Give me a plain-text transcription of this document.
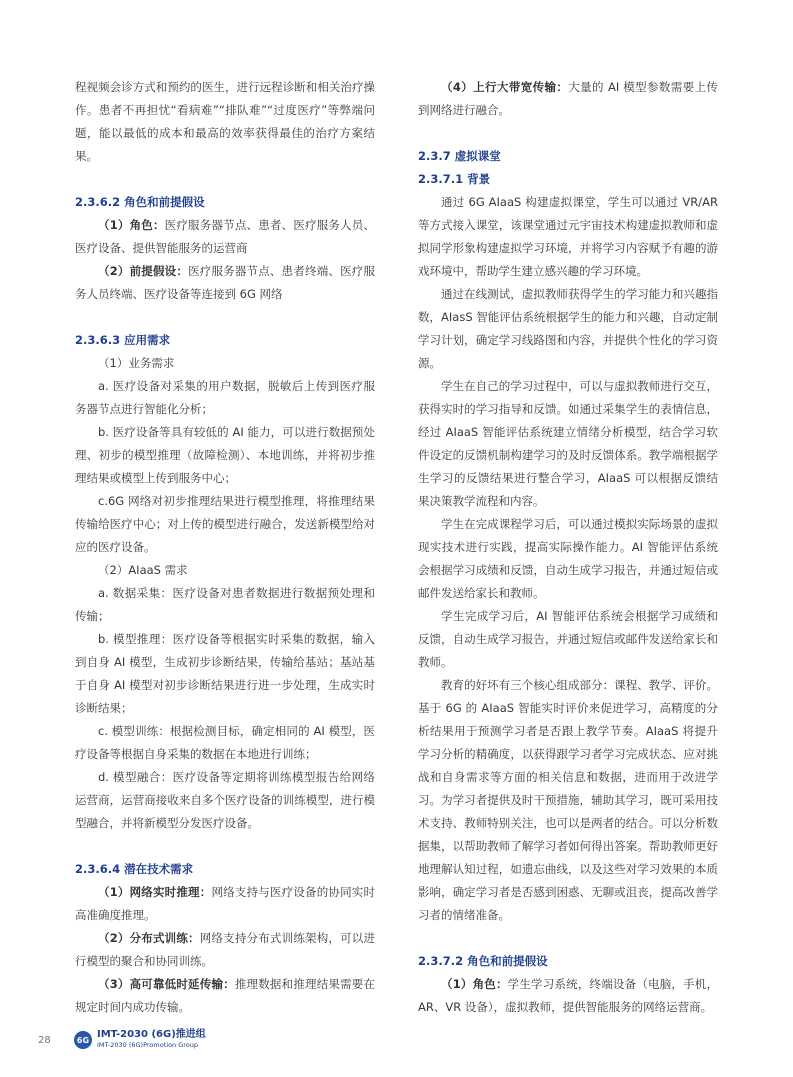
程视频会诊方式和预约的医生，进行远程诊断和相关治疗操作。患者不再担忧“看病难”“排队难”“过度医疗”等弊端问题，能以最低的成本和最高的效率获得最佳的治疗方案结果。

2.3.6.2 角色和前提假设

（1）角色：医疗服务器节点、患者、医疗服务人员、医疗设备、提供智能服务的运营商

（2）前提假设：医疗服务器节点、患者终端、医疗服务人员终端、医疗设备等连接到 6G 网络

2.3.6.3 应用需求

（1）业务需求

a. 医疗设备对采集的用户数据，脱敏后上传到医疗服务器节点进行智能化分析；

b. 医疗设备等具有较低的 AI 能力，可以进行数据预处理、初步的模型推理（故障检测）、本地训练，并将初步推理结果或模型上传到服务中心；

c.6G 网络对初步推理结果进行模型推理，将推理结果传输给医疗中心；对上传的模型进行融合，发送新模型给对应的医疗设备。

（2）AIaaS 需求

a. 数据采集：医疗设备对患者数据进行数据预处理和传输；

b. 模型推理：医疗设备等根据实时采集的数据，输入到自身 AI 模型，生成初步诊断结果，传输给基站；基站基于自身 AI 模型对初步诊断结果进行进一步处理，生成实时诊断结果；

c. 模型训练：根据检测目标，确定相同的 AI 模型，医疗设备等根据自身采集的数据在本地进行训练；

d. 模型融合：医疗设备等定期将训练模型报告给网络运营商，运营商接收来自多个医疗设备的训练模型，进行模型融合，并将新模型分发医疗设备。

2.3.6.4 潜在技术需求

（1）网络实时推理：网络支持与医疗设备的协同实时高准确度推理。

（2）分布式训练：网络支持分布式训练架构，可以进行模型的聚合和协同训练。

（3）高可靠低时延传输：推理数据和推理结果需要在规定时间内成功传输。

（4）上行大带宽传输：大量的 AI 模型参数需要上传到网络进行融合。

2.3.7 虚拟课堂

2.3.7.1 背景

通过 6G AIaaS 构建虚拟课堂，学生可以通过 VR/AR 等方式接入课堂，该课堂通过元宇宙技术构建虚拟教师和虚拟同学形象构建虚拟学习环境，并将学习内容赋予有趣的游戏环境中，帮助学生建立感兴趣的学习环境。

通过在线测试，虚拟教师获得学生的学习能力和兴趣指数，AIasS 智能评估系统根据学生的能力和兴趣，自动定制学习计划，确定学习线路图和内容，并提供个性化的学习资源。

学生在自己的学习过程中，可以与虚拟教师进行交互，获得实时的学习指导和反馈。如通过采集学生的表情信息，经过 AIaaS 智能评估系统建立情绪分析模型，结合学习软件设定的反馈机制构建学习的及时反馈体系。教学端根据学生学习的反馈结果进行整合学习，AIaaS 可以根据反馈结果决策教学流程和内容。

学生在完成课程学习后，可以通过模拟实际场景的虚拟现实技术进行实践，提高实际操作能力。AI 智能评估系统会根据学习成绩和反馈，自动生成学习报告，并通过短信或邮件发送给家长和教师。

学生完成学习后，AI 智能评估系统会根据学习成绩和反馈，自动生成学习报告，并通过短信或邮件发送给家长和教师。

教育的好坏有三个核心组成部分：课程、教学、评价。基于 6G 的 AIaaS 智能实时评价来促进学习，高精度的分析结果用于预测学习者是否跟上教学节奏。AIaaS 将提升学习分析的精确度，以获得跟学习者学习完成状态、应对挑战和自身需求等方面的相关信息和数据，进而用于改进学习。为学习者提供及时干预措施，辅助其学习，既可采用技术支持、教师特别关注，也可以是两者的结合。可以分析数据集，以帮助教师了解学习者如何得出答案。帮助教师更好地理解认知过程，如遗忘曲线，以及这些对学习效果的本质影响，确定学习者是否感到困惑、无聊或沮丧，提高改善学习者的情绪准备。

2.3.7.2 角色和前提假设

（1）角色：学生学习系统，终端设备（电脑，手机，AR、VR 设备），虚拟教师，提供智能服务的网络运营商。

28	6G IMT-2030 (6G)推进组
IMT-2030 (6G)Promotion Group
